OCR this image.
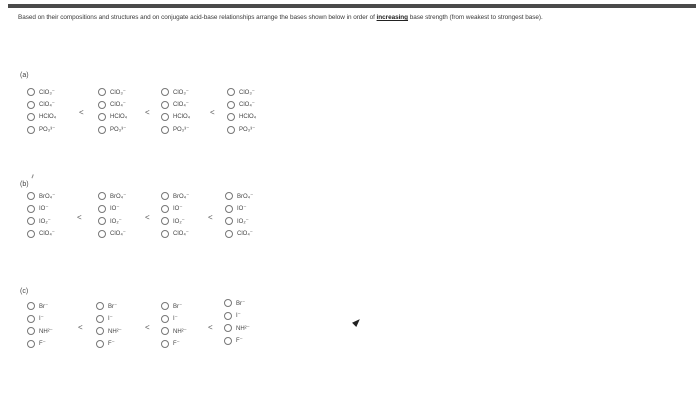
Based on their compositions and structures and on conjugate acid-base relationships arrange the bases shown below in order of increasing base strength (from weakest to strongest base).
(a)
ClO₃⁻
ClO₄⁻
HClO₄
PO₃³⁻
<
ClO₃⁻
ClO₄⁻
HClO₄
PO₃³⁻
<
ClO₃⁻
ClO₄⁻
HClO₄
PO₃³⁻
<
ClO₃⁻
ClO₄⁻
HClO₄
PO₃³⁻
(b)
BrO₄⁻
IO⁻
IO₂⁻
ClO₄⁻
<
BrO₄⁻
IO⁻
IO₂⁻
ClO₄⁻
<
BrO₄⁻
IO⁻
IO₂⁻
ClO₄⁻
<
BrO₄⁻
IO⁻
IO₂⁻
ClO₄⁻
(c)
Br⁻
I⁻
NH²⁻
F⁻
<
Br⁻
I⁻
NH²⁻
F⁻
<
Br⁻
I⁻
NH²⁻
F⁻
<
Br⁻
I⁻
NH²⁻
F⁻
